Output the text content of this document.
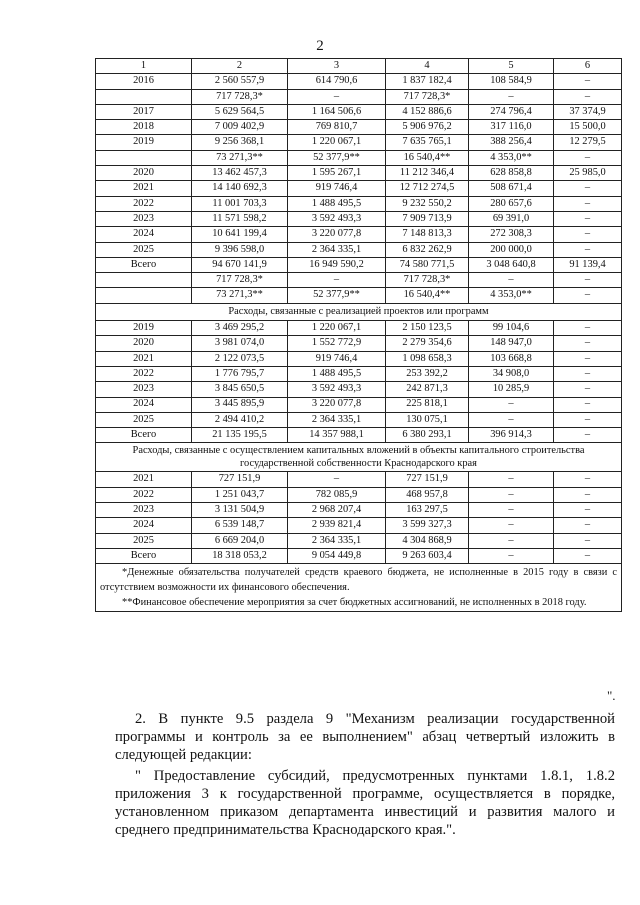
2
1	2	3	4	5	6
2016	2 560 557,9	614 790,6	1 837 182,4	108 584,9	–
	717 728,3*	–	717 728,3*	–	–
2017	5 629 564,5	1 164 506,6	4 152 886,6	274 796,4	37 374,9
2018	7 009 402,9	769 810,7	5 906 976,2	317 116,0	15 500,0
2019	9 256 368,1	1 220 067,1	7 635 765,1	388 256,4	12 279,5
	73 271,3**	52 377,9**	16 540,4**	4 353,0**	–
2020	13 462 457,3	1 595 267,1	11 212 346,4	628 858,8	25 985,0
2021	14 140 692,3	919 746,4	12 712 274,5	508 671,4	–
2022	11 001 703,3	1 488 495,5	9 232 550,2	280 657,6	–
2023	11 571 598,2	3 592 493,3	7 909 713,9	69 391,0	–
2024	10 641 199,4	3 220 077,8	7 148 813,3	272 308,3	–
2025	9 396 598,0	2 364 335,1	6 832 262,9	200 000,0	–
Всего	94 670 141,9	16 949 590,2	74 580 771,5	3 048 640,8	91 139,4
	717 728,3*	–	717 728,3*	–	–
	73 271,3**	52 377,9**	16 540,4**	4 353,0**	–
Расходы, связанные с реализацией проектов или программ					
2019	3 469 295,2	1 220 067,1	2 150 123,5	99 104,6	–
2020	3 981 074,0	1 552 772,9	2 279 354,6	148 947,0	–
2021	2 122 073,5	919 746,4	1 098 658,3	103 668,8	–
2022	1 776 795,7	1 488 495,5	253 392,2	34 908,0	–
2023	3 845 650,5	3 592 493,3	242 871,3	10 285,9	–
2024	3 445 895,9	3 220 077,8	225 818,1	–	–
2025	2 494 410,2	2 364 335,1	130 075,1	–	–
Всего	21 135 195,5	14 357 988,1	6 380 293,1	396 914,3	–
Расходы, связанные с осуществлением капитальных вложений в объекты капитального строительства государственной собственности Краснодарского края					
2021	727 151,9	–	727 151,9	–	–
2022	1 251 043,7	782 085,9	468 957,8	–	–
2023	3 131 504,9	2 968 207,4	163 297,5	–	–
2024	6 539 148,7	2 939 821,4	3 599 327,3	–	–
2025	6 669 204,0	2 364 335,1	4 304 868,9	–	–
Всего	18 318 053,2	9 054 449,8	9 263 603,4	–	–

*Денежные обязательства получателей средств краевого бюджета, не исполненные в 2015 году в связи с отсутствием возможности их финансового обеспечения.
**Финансовое обеспечение мероприятия за счет бюджетных ассигнований, не исполненных в 2018 году.					
".
2. В пункте 9.5 раздела 9 "Механизм реализации государственной программы и контроль за ее выполнением" абзац четвертый изложить в следующей редакции:
" Предоставление субсидий, предусмотренных пунктами 1.8.1, 1.8.2 приложения 3 к государственной программе, осуществляется в порядке, установленном приказом департамента инвестиций и развития малого и среднего предпринимательства Краснодарского края.".
